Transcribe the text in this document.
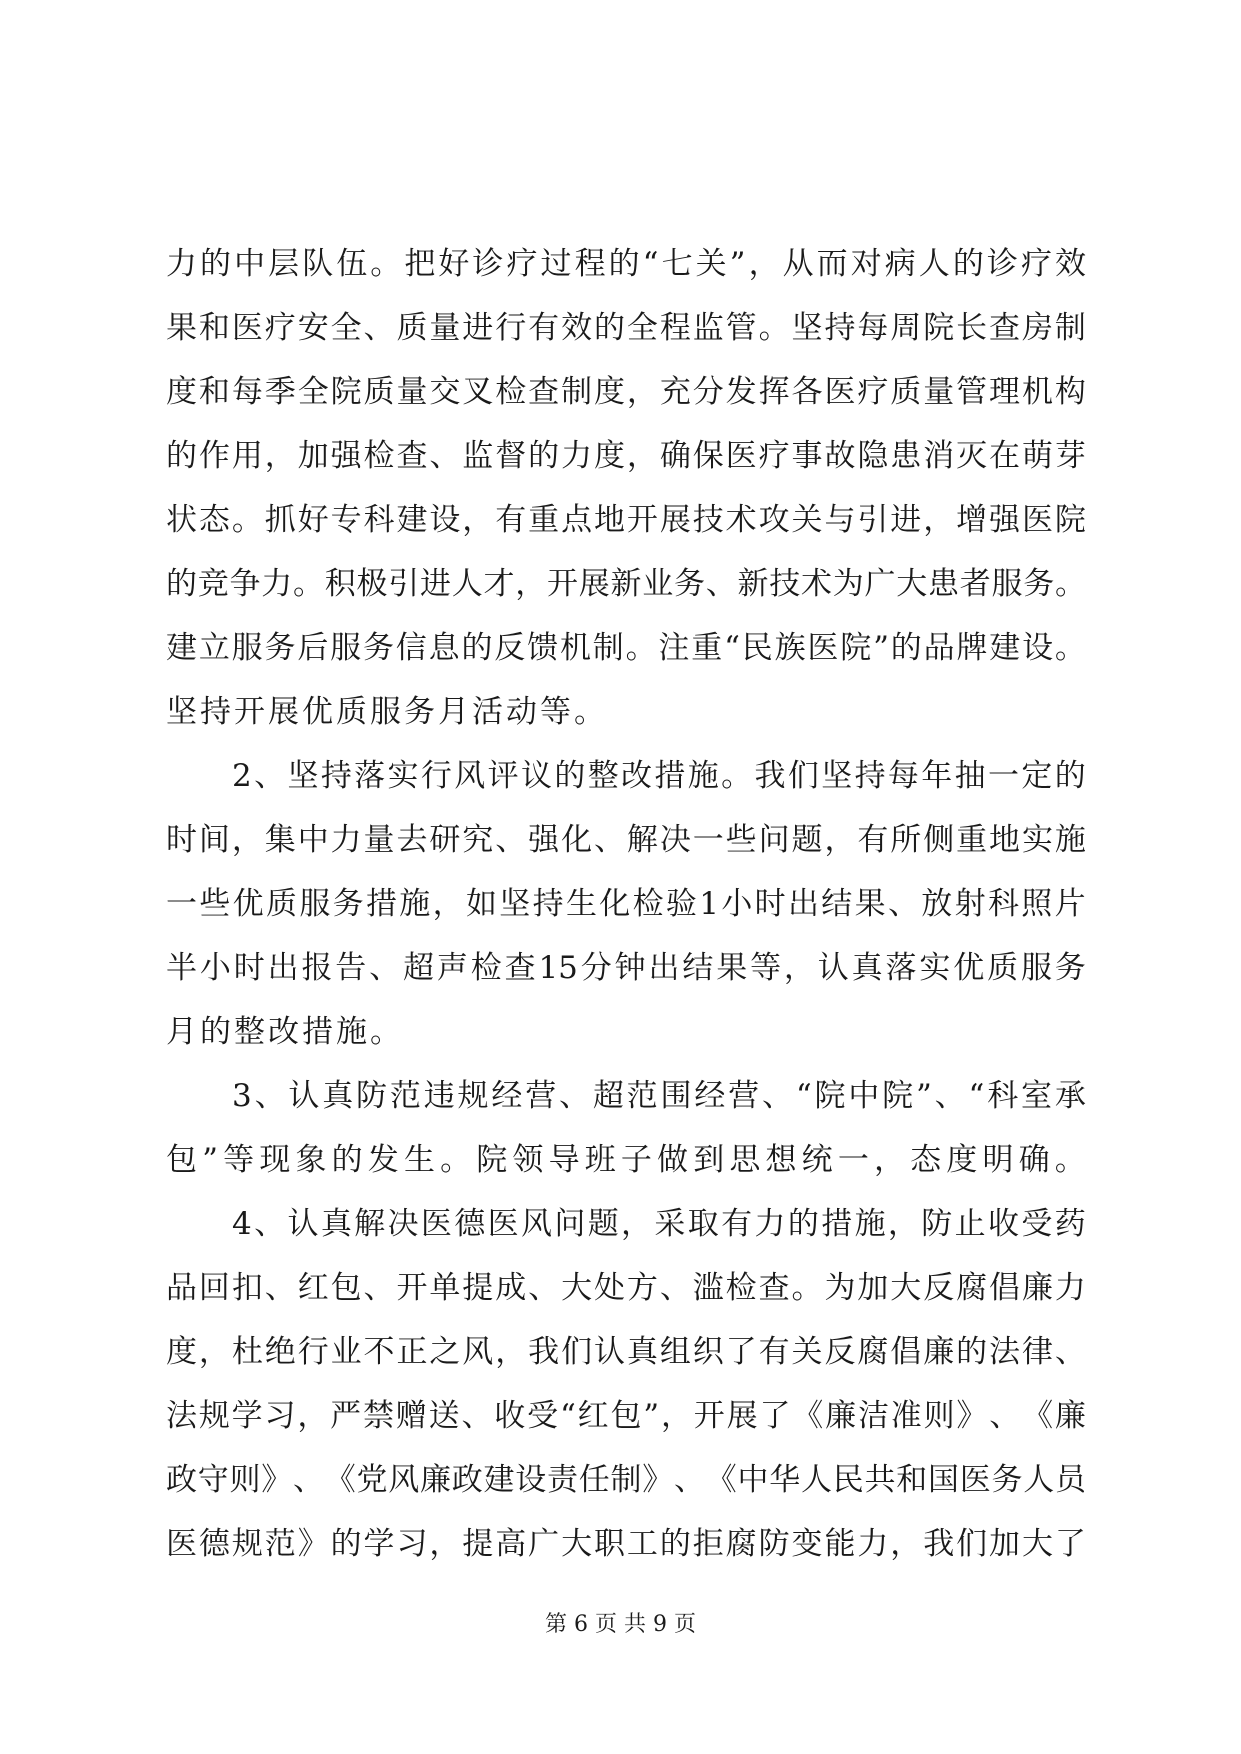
力 的 中 层 队 伍 。 把 好 诊 疗 过 程 的 “ 七 关 ” ， 从 而 对 病 人 的 诊 疗 效
果 和 医 疗 安 全 、 质 量 进 行 有 效 的 全 程 监 管 。 坚 持 每 周 院 长 查 房 制
度 和 每 季 全 院 质 量 交 叉 检 查 制 度 ， 充 分 发 挥 各 医 疗 质 量 管 理 机 构
的 作 用 ， 加 强 检 查 、 监 督 的 力 度 ， 确 保 医 疗 事 故 隐 患 消 灭 在 萌 芽
状 态 。 抓 好 专 科 建 设 ， 有 重 点 地 开 展 技 术 攻 关 与 引 进 ， 增 强 医 院
的 竞 争 力 。 积 极 引 进 人 才 ， 开 展 新 业 务 、 新 技 术 为 广 大 患 者 服 务 。
建 立 服 务 后 服 务 信 息 的 反 馈 机 制 。 注 重 “ 民 族 医 院 ” 的 品 牌 建 设 。
坚持开展优质服务月活动等。
2 、 坚 持 落 实 行 风 评 议 的 整 改 措 施 。 我 们 坚 持 每 年 抽 一 定 的
时 间 ， 集 中 力 量 去 研 究 、 强 化 、 解 决 一 些 问 题 ， 有 所 侧 重 地 实 施
一 些 优 质 服 务 措 施 ， 如 坚 持 生 化 检 验 1 小 时 出 结 果 、 放 射 科 照 片
半 小 时 出 报 告 、 超 声 检 查 15 分 钟 出 结 果 等 ， 认 真 落 实 优 质 服 务
月的整改措施。
3 、 认 真 防 范 违 规 经 营 、 超 范 围 经 营 、 “ 院 中 院 ” 、 “ 科 室 承
包 ” 等 现 象 的 发 生 。 院 领 导 班 子 做 到 思 想 统 一 ， 态 度 明 确 。
4 、 认 真 解 决 医 德 医 风 问 题 ， 采 取 有 力 的 措 施 ， 防 止 收 受 药
品 回 扣 、 红 包 、 开 单 提 成 、 大 处 方 、 滥 检 查 。 为 加 大 反 腐 倡 廉 力
度 ， 杜 绝 行 业 不 正 之 风 ， 我 们 认 真 组 织 了 有 关 反 腐 倡 廉 的 法 律 、
法 规 学 习 ， 严 禁 赠 送 、 收 受 “ 红 包 ” ， 开 展 了 《 廉 洁 准 则 》 、 《 廉
政 守 则 》 、 《 党 风 廉 政 建 设 责 任 制 》 、 《 中 华 人 民 共 和 国 医 务 人 员
医 德 规 范 》 的 学 习 ， 提 高 广 大 职 工 的 拒 腐 防 变 能 力 ， 我 们 加 大 了
第 6 页 共 9 页
